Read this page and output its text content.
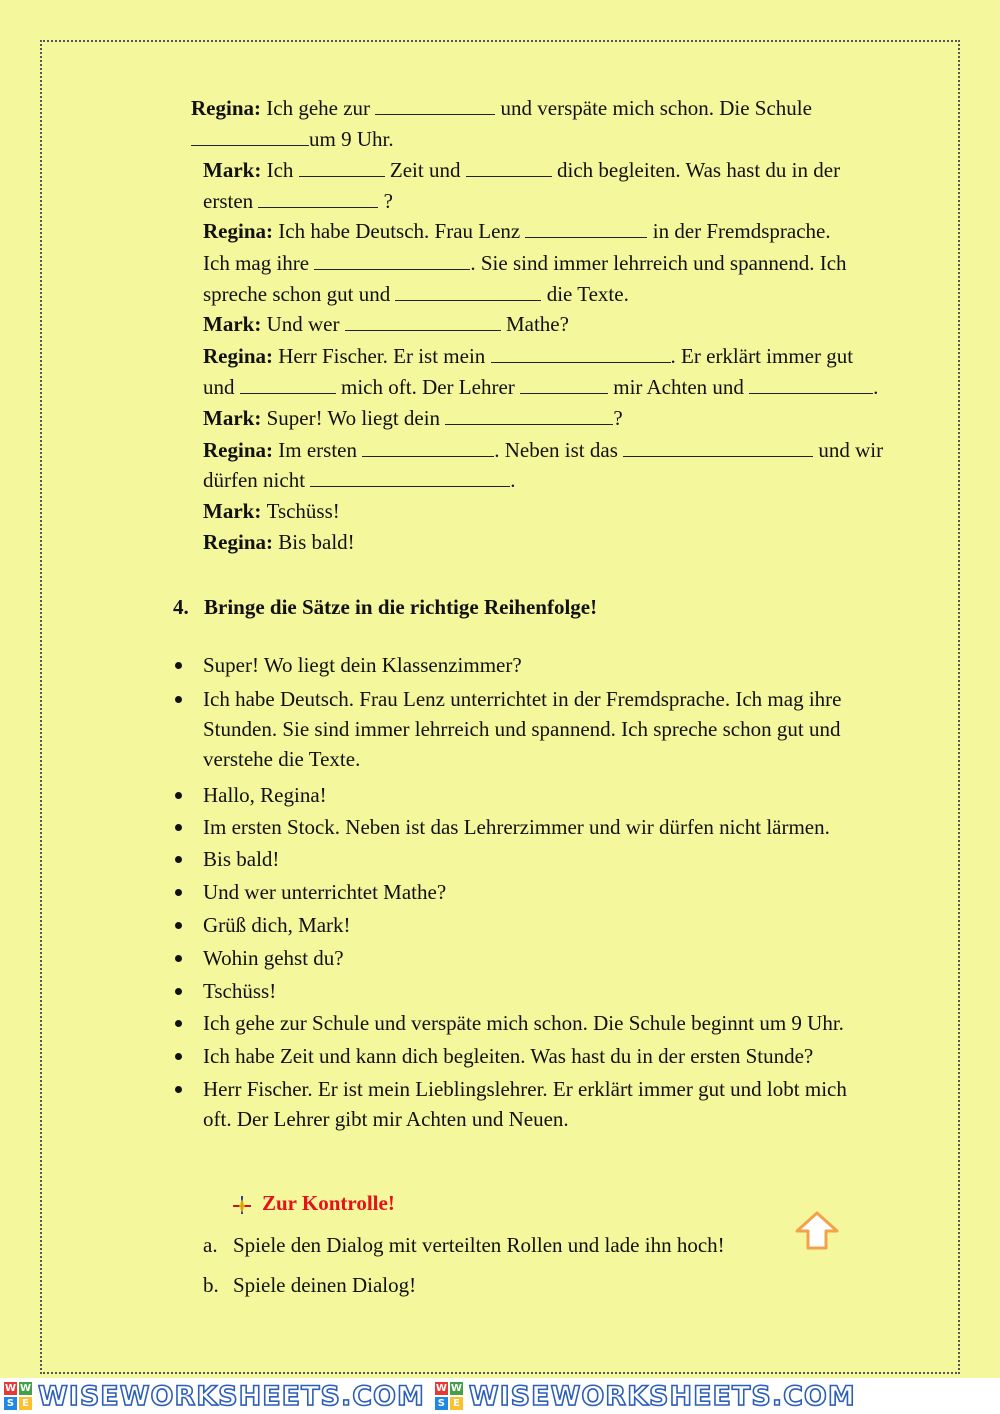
Regina: Ich gehe zur	und verspäte mich schon. Die Schule
um 9 Uhr.
Mark: Ich	Zeit und	dich begleiten. Was hast du in der
ersten	?
Regina: Ich habe Deutsch. Frau Lenz	in der Fremdsprache.
Ich mag ihre	. Sie sind immer lehrreich und spannend. Ich
spreche schon gut und	die Texte.
Mark: Und wer	Mathe?
Regina: Herr Fischer. Er ist mein	. Er erklärt immer gut
und	mich oft. Der Lehrer	mir Achten und	.
Mark: Super! Wo liegt dein	?
Regina: Im ersten	. Neben ist das	und wir
dürfen nicht	.
Mark: Tschüss!
Regina: Bis bald!
4. Bringe die Sätze in die richtige Reihenfolge!
Super! Wo liegt dein Klassenzimmer?
Ich habe Deutsch. Frau Lenz unterrichtet in der Fremdsprache. Ich mag ihre
Stunden. Sie sind immer lehrreich und spannend. Ich spreche schon gut und
verstehe die Texte.
Hallo, Regina!
Im ersten Stock. Neben ist das Lehrerzimmer und wir dürfen nicht lärmen.
Bis bald!
Und wer unterrichtet Mathe?
Grüß dich, Mark!
Wohin gehst du?
Tschüss!
Ich gehe zur Schule und verspäte mich schon. Die Schule beginnt um 9 Uhr.
Ich habe Zeit und kann dich begleiten. Was hast du in der ersten Stunde?
Herr Fischer. Er ist mein Lieblingslehrer. Er erklärt immer gut und lobt mich
oft. Der Lehrer gibt mir Achten und Neuen.
Zur Kontrolle!
a. Spiele den Dialog mit verteilten Rollen und lade ihn hoch!
b. Spiele deinen Dialog!
W W
S E WISEWORKSHEETS.COM W W
S E WISEWORKSHEETS.COM
